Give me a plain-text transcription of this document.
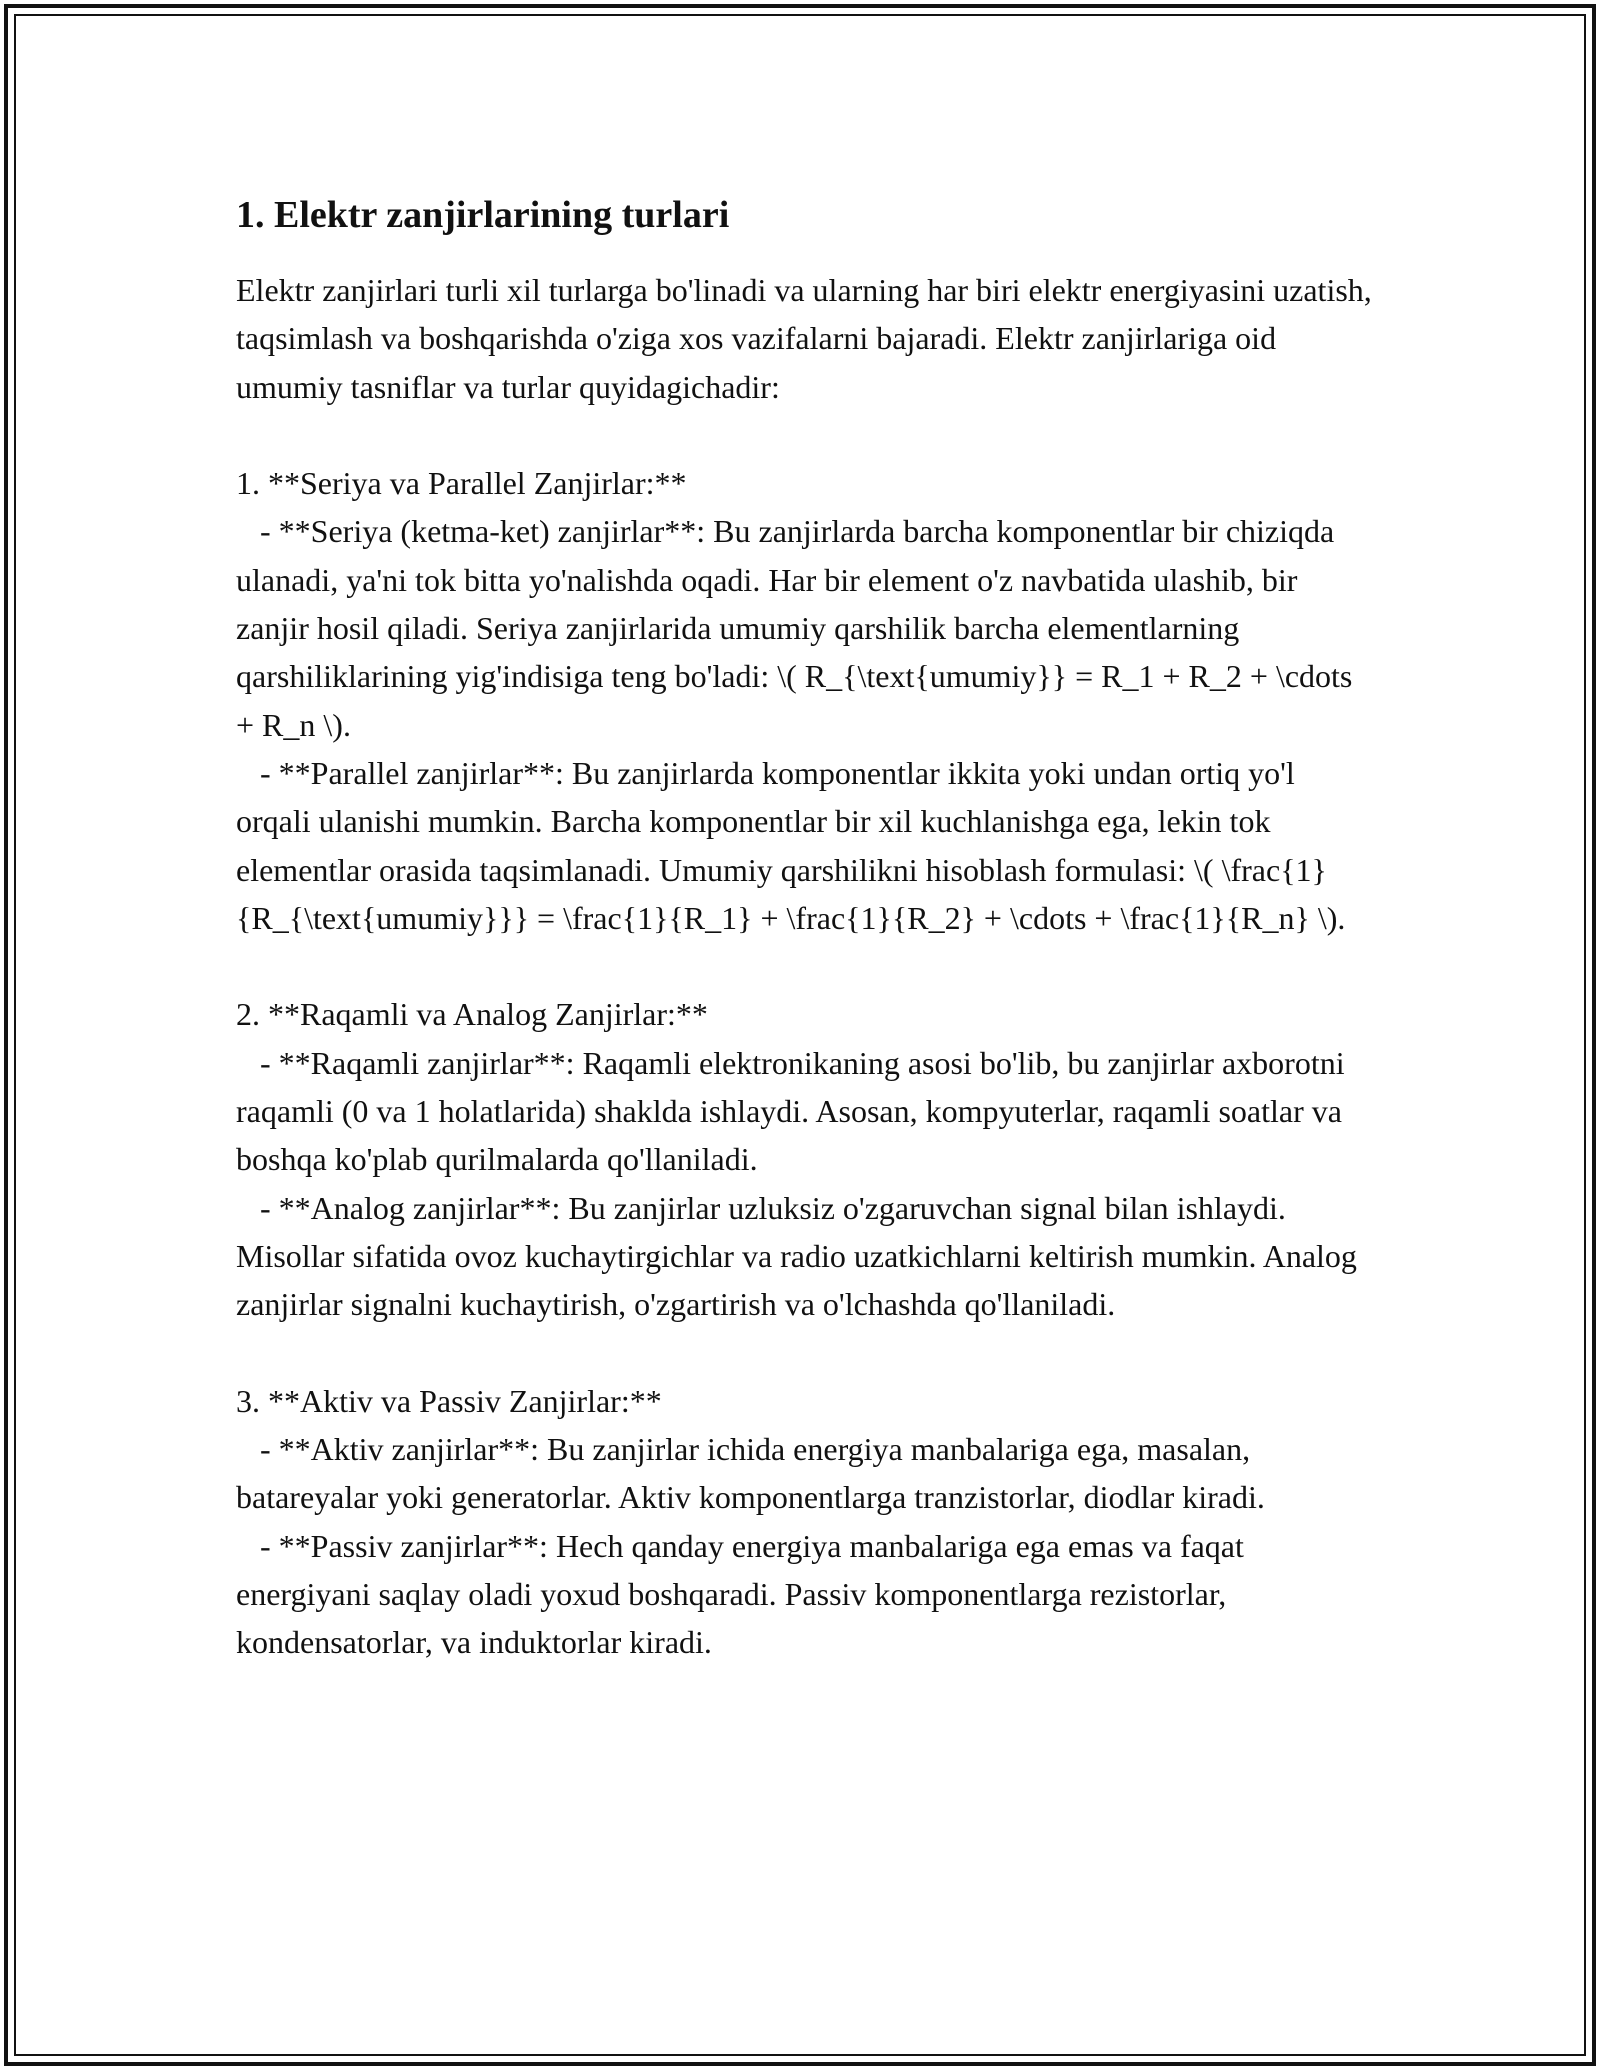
1. Elektr zanjirlarining turlari

Elektr zanjirlari turli xil turlarga bo'linadi va ularning har biri elektr energiyasini uzatish, taqsimlash va boshqarishda o'ziga xos vazifalarni bajaradi. Elektr zanjirlariga oid umumiy tasniflar va turlar quyidagichadir:

1. **Seriya va Parallel Zanjirlar:**

- **Seriya (ketma-ket) zanjirlar**: Bu zanjirlarda barcha komponentlar bir chiziqda ulanadi, ya'ni tok bitta yo'nalishda oqadi. Har bir element o'z navbatida ulashib, bir zanjir hosil qiladi. Seriya zanjirlarida umumiy qarshilik barcha elementlarning qarshiliklarining yig'indisiga teng bo'ladi: \( R_{\text{umumiy}} = R_1 + R_2 + \cdots + R_n \).

- **Parallel zanjirlar**: Bu zanjirlarda komponentlar ikkita yoki undan ortiq yo'l orqali ulanishi mumkin. Barcha komponentlar bir xil kuchlanishga ega, lekin tok elementlar orasida taqsimlanadi. Umumiy qarshilikni hisoblash formulasi: \( \frac{1}{R_{\text{umumiy}}} = \frac{1}{R_1} + \frac{1}{R_2} + \cdots + \frac{1}{R_n} \).

2. **Raqamli va Analog Zanjirlar:**

- **Raqamli zanjirlar**: Raqamli elektronikaning asosi bo'lib, bu zanjirlar axborotni raqamli (0 va 1 holatlarida) shaklda ishlaydi. Asosan, kompyuterlar, raqamli soatlar va boshqa ko'plab qurilmalarda qo'llaniladi.

- **Analog zanjirlar**: Bu zanjirlar uzluksiz o'zgaruvchan signal bilan ishlaydi. Misollar sifatida ovoz kuchaytirgichlar va radio uzatkichlarni keltirish mumkin. Analog zanjirlar signalni kuchaytirish, o'zgartirish va o'lchashda qo'llaniladi.

3. **Aktiv va Passiv Zanjirlar:**

- **Aktiv zanjirlar**: Bu zanjirlar ichida energiya manbalariga ega, masalan, batareyalar yoki generatorlar. Aktiv komponentlarga tranzistorlar, diodlar kiradi.

- **Passiv zanjirlar**: Hech qanday energiya manbalariga ega emas va faqat energiyani saqlay oladi yoxud boshqaradi. Passiv komponentlarga rezistorlar, kondensatorlar, va induktorlar kiradi.
